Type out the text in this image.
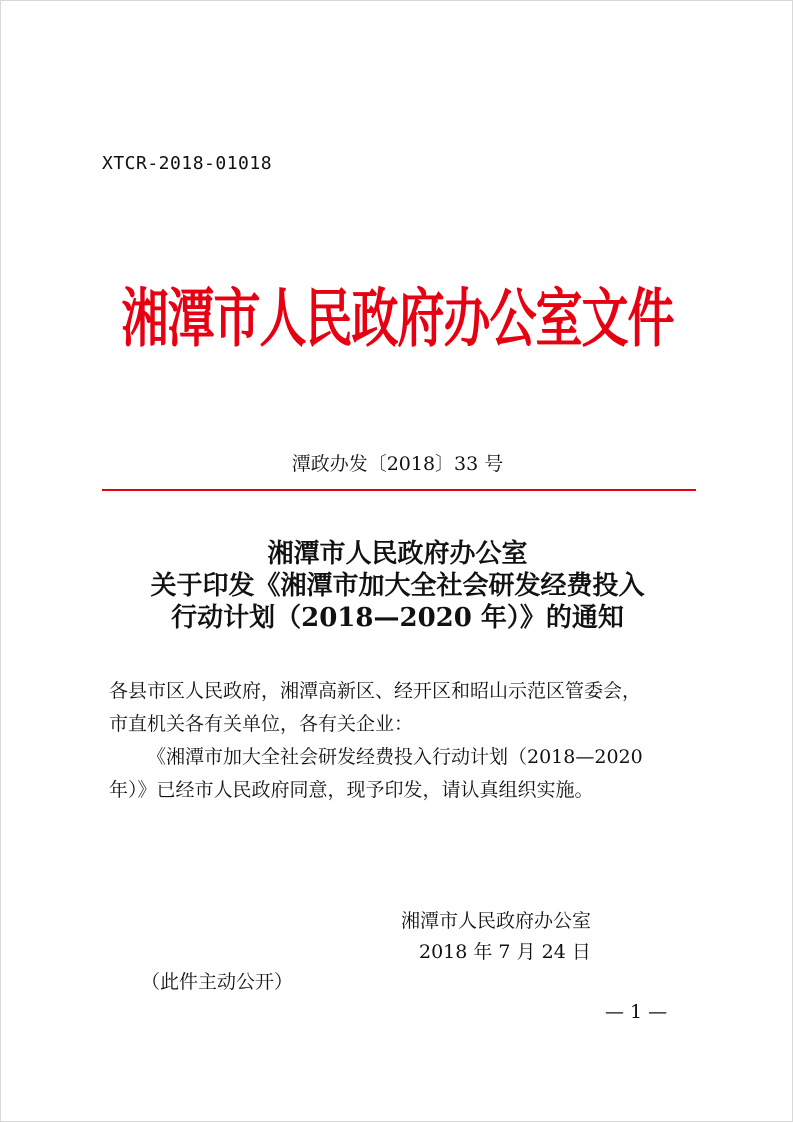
XTCR-2018-01018
湘潭市人民政府办公室文件
潭政办发〔2018〕33 号
湘潭市人民政府办公室
关于印发《湘潭市加大全社会研发经费投入
行动计划（2018—2020 年）》的通知
各县市区人民政府，湘潭高新区、经开区和昭山示范区管委会，
市直机关各有关单位，各有关企业：
《湘潭市加大全社会研发经费投入行动计划（2018—2020
年）》已经市人民政府同意，现予印发，请认真组织实施。
湘潭市人民政府办公室
2018 年 7 月 24 日
（此件主动公开）
— 1 —
